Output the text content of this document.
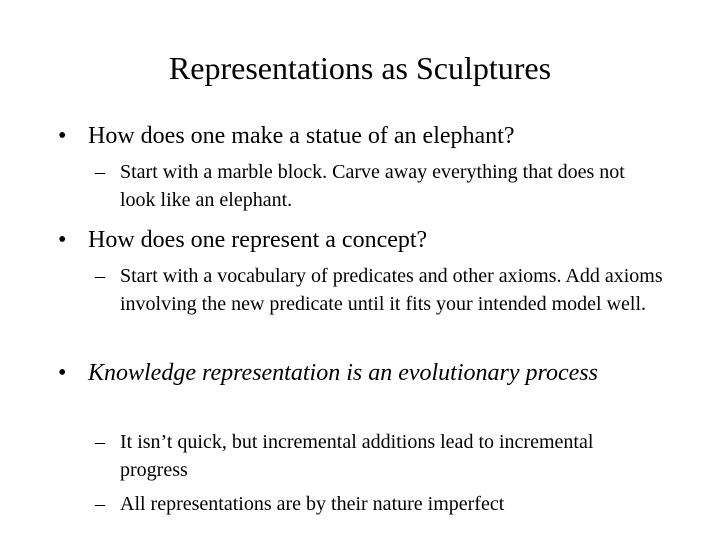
Representations as Sculptures
• How does one make a statue of an elephant?
– Start with a marble block. Carve away everything that does not look like an elephant.
• How does one represent a concept?
– Start with a vocabulary of predicates and other axioms. Add axioms involving the new predicate until it fits your intended model well.
• Knowledge representation is an evolutionary process
– It isn’t quick, but incremental additions lead to incremental progress
– All representations are by their nature imperfect
